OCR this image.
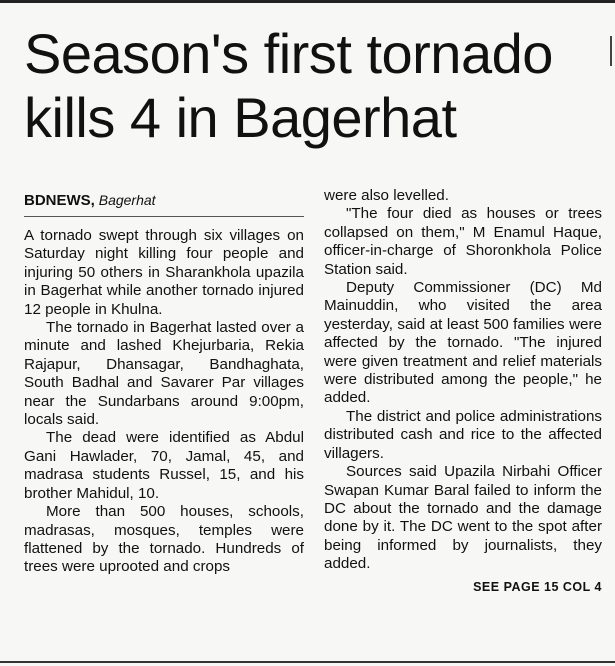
Season's first tornado kills 4 in Bagerhat
BDNEWS, Bagerhat

A tornado swept through six villages on Saturday night killing four people and injuring 50 others in Sharankhola upazila in Bagerhat while another tornado injured 12 people in Khulna.

The tornado in Bagerhat lasted over a minute and lashed Khejurbaria, Rekia Rajapur, Dhansagar, Bandhaghata, South Badhal and Savarer Par villages near the Sundarbans around 9:00pm, locals said.

The dead were identified as Abdul Gani Hawlader, 70, Jamal, 45, and madrasa students Russel, 15, and his brother Mahidul, 10.

More than 500 houses, schools, madrasas, mosques, temples were flattened by the tornado. Hundreds of trees were uprooted and crops

were also levelled.

"The four died as houses or trees collapsed on them," M Enamul Haque, officer-in-charge of Shoronkhola Police Station said.

Deputy Commissioner (DC) Md Mainuddin, who visited the area yesterday, said at least 500 families were affected by the tornado. "The injured were given treatment and relief materials were distributed among the people," he added.

The district and police administrations distributed cash and rice to the affected villagers.

Sources said Upazila Nirbahi Officer Swapan Kumar Baral failed to inform the DC about the tornado and the damage done by it. The DC went to the spot after being informed by journalists, they added.

SEE PAGE 15 COL 4
